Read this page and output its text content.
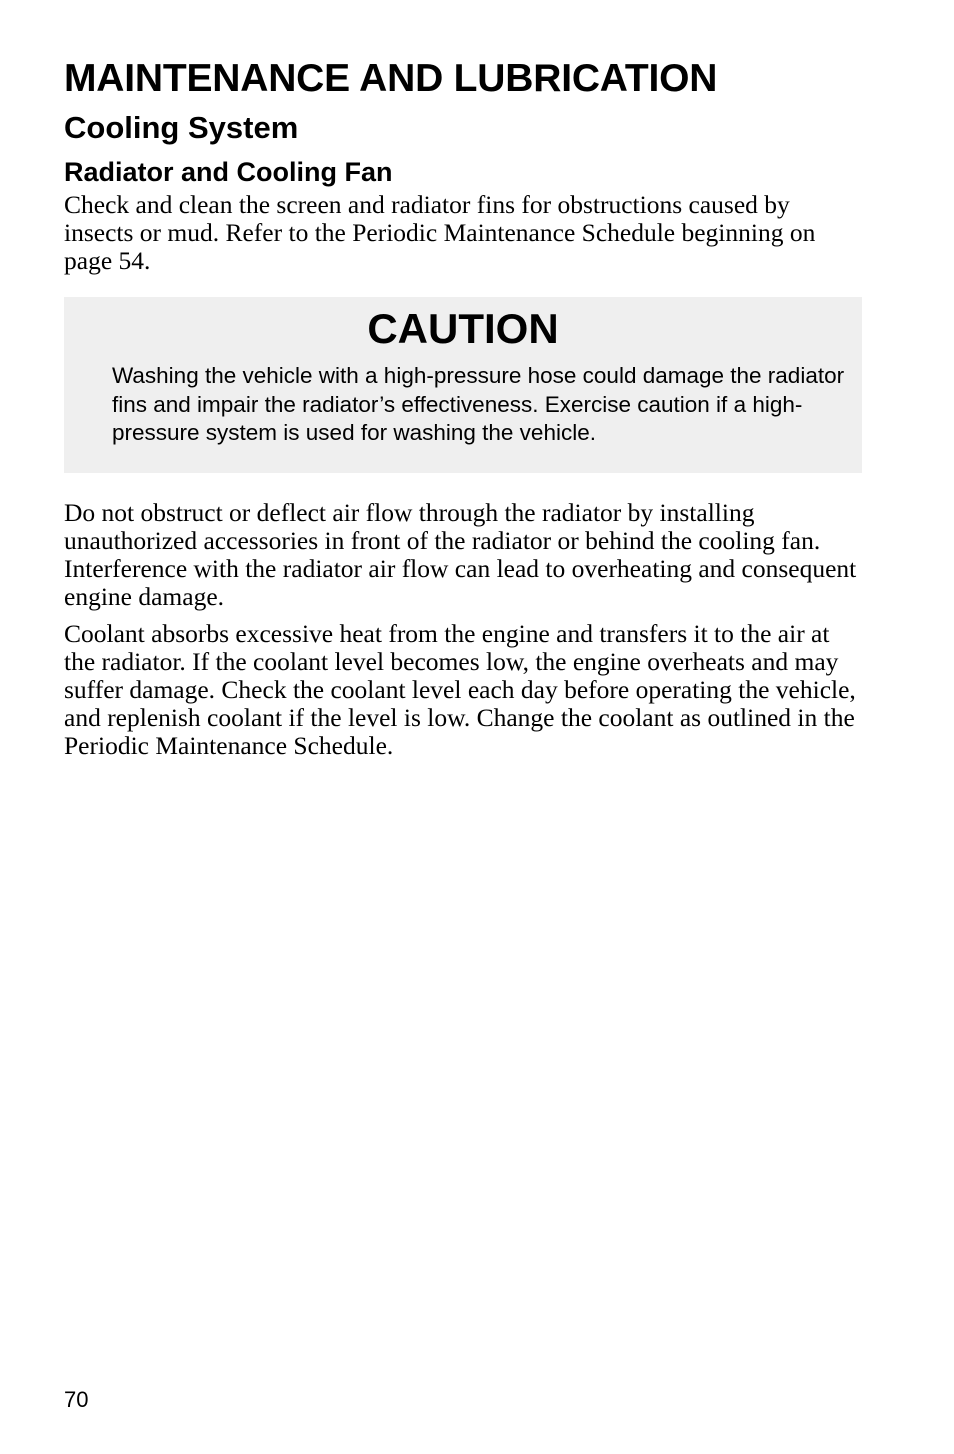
MAINTENANCE AND LUBRICATION
Cooling System
Radiator and Cooling Fan

Check and clean the screen and radiator fins for obstructions caused by insects or mud. Refer to the Periodic Maintenance Schedule beginning on page 54.

CAUTION

Washing the vehicle with a high-pressure hose could damage the radiator fins and impair the radiator’s effectiveness. Exercise caution if a high-pressure system is used for washing the vehicle.

Do not obstruct or deflect air flow through the radiator by installing unauthorized accessories in front of the radiator or behind the cooling fan. Interference with the radiator air flow can lead to overheating and consequent engine damage.

Coolant absorbs excessive heat from the engine and transfers it to the air at the radiator. If the coolant level becomes low, the engine overheats and may suffer damage. Check the coolant level each day before operating the vehicle, and replenish coolant if the level is low. Change the coolant as outlined in the Periodic Maintenance Schedule.

70
